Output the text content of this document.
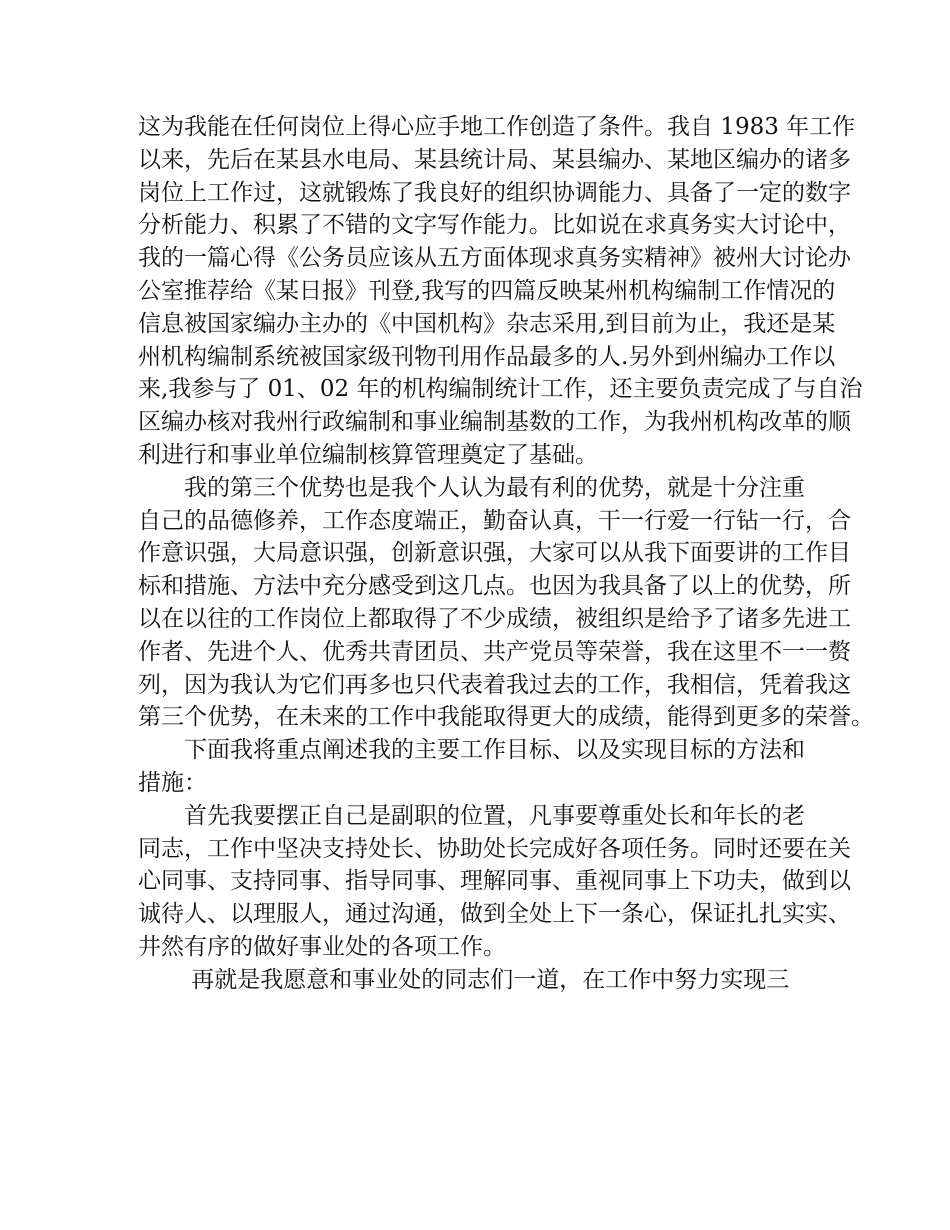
这为我能在任何岗位上得心应手地工作创造了条件。我自 1983 年工作
以来，先后在某县水电局、某县统计局、某县编办、某地区编办的诸多
岗位上工作过，这就锻炼了我良好的组织协调能力、具备了一定的数字
分析能力、积累了不错的文字写作能力。比如说在求真务实大讨论中，
我的一篇心得《公务员应该从五方面体现求真务实精神》被州大讨论办
公室推荐给《某日报》刊登,我写的四篇反映某州机构编制工作情况的
信息被国家编办主办的《中国机构》杂志采用,到目前为止，我还是某
州机构编制系统被国家级刊物刊用作品最多的人.另外到州编办工作以
来,我参与了 01、02 年的机构编制统计工作，还主要负责完成了与自治
区编办核对我州行政编制和事业编制基数的工作，为我州机构改革的顺
利进行和事业单位编制核算管理奠定了基础。
　　我的第三个优势也是我个人认为最有利的优势，就是十分注重
自己的品德修养，工作态度端正，勤奋认真，干一行爱一行钻一行，合
作意识强，大局意识强，创新意识强，大家可以从我下面要讲的工作目
标和措施、方法中充分感受到这几点。也因为我具备了以上的优势，所
以在以往的工作岗位上都取得了不少成绩，被组织是给予了诸多先进工
作者、先进个人、优秀共青团员、共产党员等荣誉，我在这里不一一赘
列，因为我认为它们再多也只代表着我过去的工作，我相信，凭着我这
第三个优势，在未来的工作中我能取得更大的成绩，能得到更多的荣誉。
　　下面我将重点阐述我的主要工作目标、以及实现目标的方法和
措施：
　　首先我要摆正自己是副职的位置，凡事要尊重处长和年长的老
同志，工作中坚决支持处长、协助处长完成好各项任务。同时还要在关
心同事、支持同事、指导同事、理解同事、重视同事上下功夫，做到以
诚待人、以理服人，通过沟通，做到全处上下一条心，保证扎扎实实、
井然有序的做好事业处的各项工作。
　　 再就是我愿意和事业处的同志们一道，在工作中努力实现三
